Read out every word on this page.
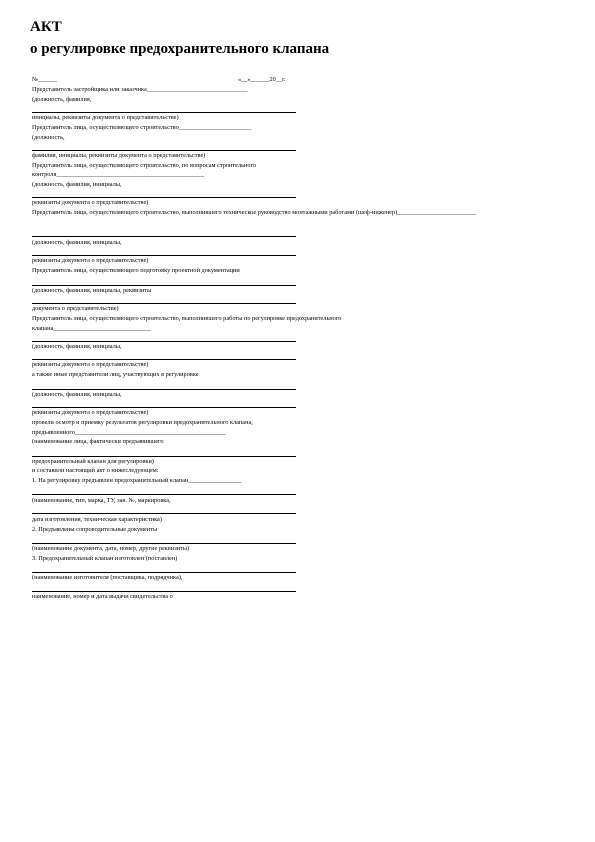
АКТ
о регулировке предохранительного клапана
№______	«__»______20__г.
Представитель застройщика или заказчика________________________________
(должность, фамилия,
инициалы, реквизиты документа о представительстве)
Представитель лица, осуществляющего строительство_______________________
(должность,
фамилия, инициалы, реквизиты документа о представительстве)
Представитель лица, осуществляющего строительство, по вопросам строительного
контроля_______________________________________________
(должность, фамилия, инициалы,
реквизиты документа о представительстве)
Представитель лица, осуществляющего строительство, выполнившего техническое руководство монтажными работами (шеф-инженер)_________________________
(должность, фамилия, инициалы,
реквизиты документа о представительстве)
Представитель лица, осуществляющего подготовку проектной документации
(должность, фамилия, инициалы, реквизиты
документа о представительстве)
Представитель лица, осуществляющего строительство, выполнившего работы по регулировке предохранительного
клапана_______________________________
(должность, фамилия, инициалы,
реквизиты документа о представительстве)
а также иные представители лиц, участвующих в регулировке
(должность, фамилия, инициалы,
реквизиты документа о представительстве)
провели осмотр и приемку результатов регулировки предохранительного клапана,
предъявленного________________________________________________
(наименование лица, фактически предъявившего
предохранительный клапан для регулировки)
и составили настоящий акт о нижеследующем:
1. На регулировку предъявлен предохранительный клапан_________________
(наименование, тип, марка, ТУ, зав. №, маркировка,
дата изготовления, техническая характеристика)
2. Предъявлены сопроводительные документы
(наименование документа, дата, номер, другие реквизиты)
3. Предохранительный клапан изготовлен (поставлен)
(наименование изготовителя (поставщика, подрядчика),
наименование, номер и дата выдачи свидетельства о
